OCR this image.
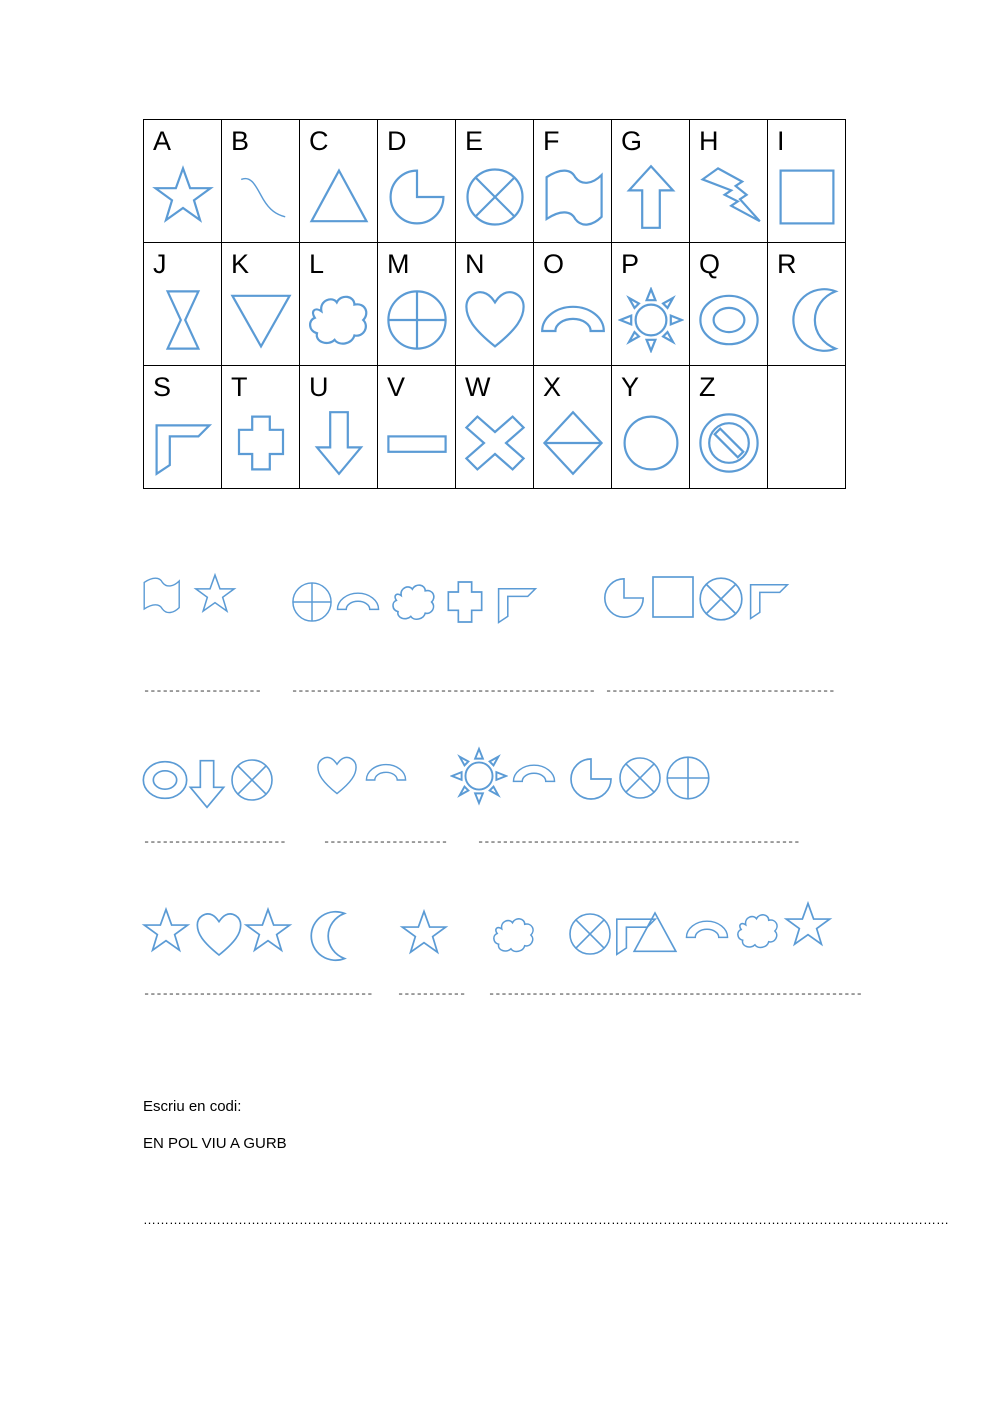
A	B	C	D	E	F	G	H	I

J	K	L	M	N	O	P	Q	R

S	T	U	V	W	X	Y	Z	

-------------------	------------------------------------------------- -------------------------------------
-----------------------	-------------------- ----------------------------------------------------
------------------------------------- ----------- ----------- -------------------------------------------------
Escriu en codi:
EN POL VIU A GURB
……………………………………………………………………………………………………………………………………………………………………
